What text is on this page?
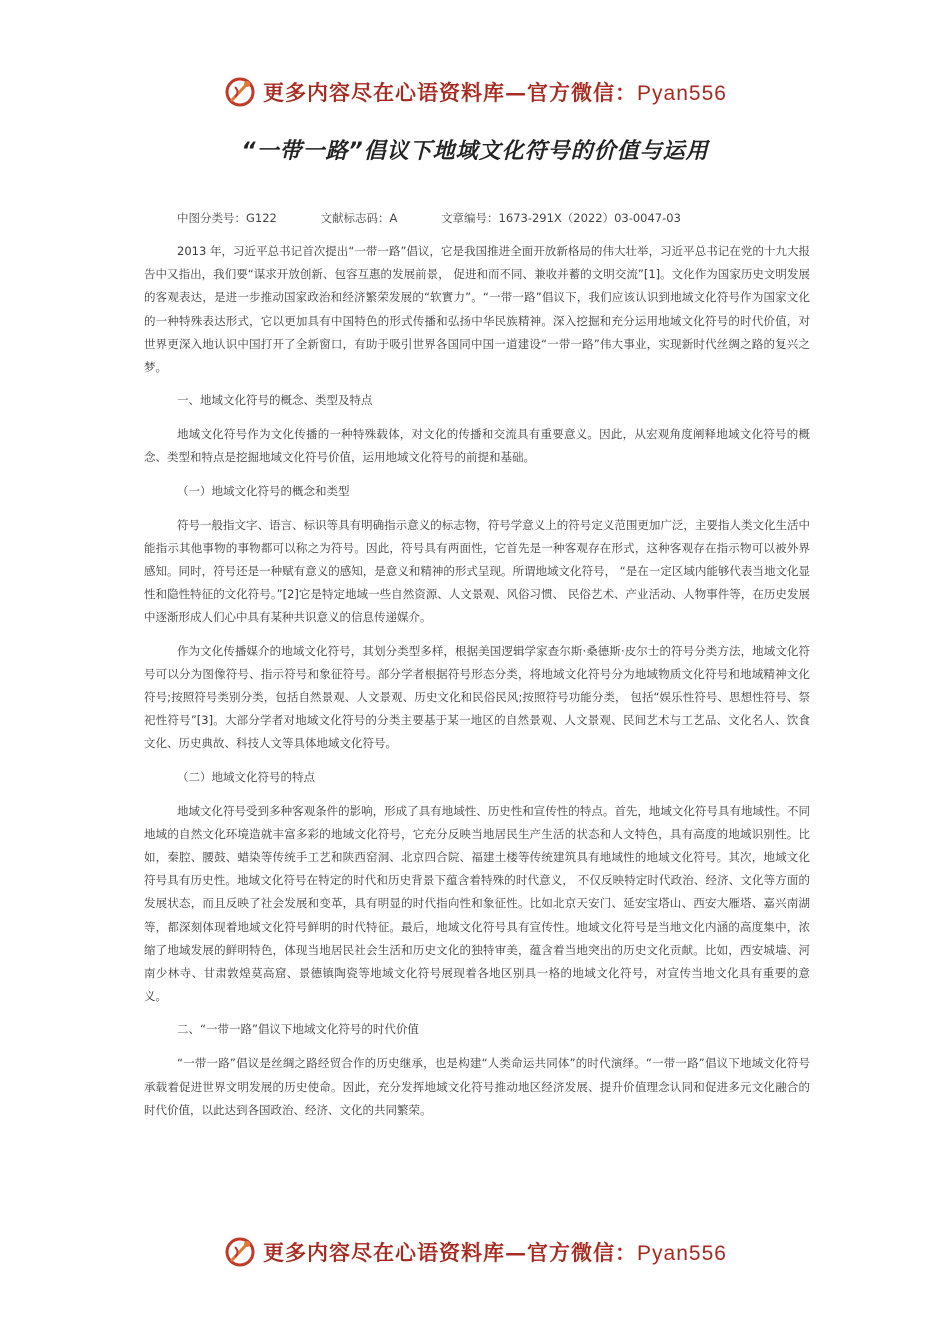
更多内容尽在心语资料库—官方微信：Pyan556
“一带一路”倡议下地域文化符号的价值与运用
中图分类号：G122	文献标志码：A	文章编号：1673-291X（2022）03-0047-03

2013 年，习近平总书记首次提出“一带一路”倡议，它是我国推进全面开放新格局的伟大壮举，习近平总书记在党的十九大报告中又指出，我们要“谋求开放创新、包容互惠的发展前景， 促进和而不同、兼收并蓄的文明交流”[1]。文化作为国家历史文明发展的客观表达，是进一步推动国家政治和经济繁荣发展的“软實力”。“一带一路”倡议下，我们应该认识到地域文化符号作为国家文化的一种特殊表达形式，它以更加具有中国特色的形式传播和弘扬中华民族精神。深入挖掘和充分运用地域文化符号的时代价值，对世界更深入地认识中国打开了全新窗口，有助于吸引世界各国同中国一道建设“一带一路”伟大事业，实现新时代丝绸之路的复兴之梦。

一、地域文化符号的概念、类型及特点

地域文化符号作为文化传播的一种特殊载体，对文化的传播和交流具有重要意义。因此，从宏观角度阐释地域文化符号的概念、类型和特点是挖掘地域文化符号价值，运用地域文化符号的前提和基础。

（一）地域文化符号的概念和类型

符号一般指文字、语言、标识等具有明确指示意义的标志物，符号学意义上的符号定义范围更加广泛，主要指人类文化生活中能指示其他事物的事物都可以称之为符号。因此，符号具有两面性，它首先是一种客观存在形式，这种客观存在指示物可以被外界感知。同时，符号还是一种赋有意义的感知，是意义和精神的形式呈现。所谓地域文化符号， “是在一定区域内能够代表当地文化显性和隐性特征的文化符号。”[2]它是特定地域一些自然资源、人文景观、风俗习惯、 民俗艺术、产业活动、人物事件等，在历史发展中逐渐形成人们心中具有某种共识意义的信息传递媒介。

作为文化传播媒介的地域文化符号，其划分类型多样，根据美国逻辑学家查尔斯·桑德斯·皮尔士的符号分类方法，地域文化符号可以分为图像符号、指示符号和象征符号。部分学者根据符号形态分类，将地域文化符号分为地域物质文化符号和地域精神文化符号;按照符号类别分类，包括自然景观、人文景观、历史文化和民俗民风;按照符号功能分类， 包括“娱乐性符号、思想性符号、祭祀性符号”[3]。大部分学者对地域文化符号的分类主要基于某一地区的自然景观、人文景观、民间艺术与工艺品、文化名人、饮食文化、历史典故、科技人文等具体地域文化符号。

（二）地域文化符号的特点

地域文化符号受到多种客观条件的影响，形成了具有地域性、历史性和宣传性的特点。首先，地域文化符号具有地域性。不同地域的自然文化环境造就丰富多彩的地域文化符号，它充分反映当地居民生产生活的状态和人文特色，具有高度的地域识别性。比如，秦腔、腰鼓、蜡染等传统手工艺和陕西窑洞、北京四合院、福建土楼等传统建筑具有地域性的地域文化符号。其次，地域文化符号具有历史性。地域文化符号在特定的时代和历史背景下蕴含着特殊的时代意义， 不仅反映特定时代政治、经济、文化等方面的发展状态，而且反映了社会发展和变革，具有明显的时代指向性和象征性。比如北京天安门、延安宝塔山、西安大雁塔、嘉兴南湖等，都深刻体现着地域文化符号鲜明的时代特征。最后，地域文化符号具有宣传性。地域文化符号是当地文化内涵的高度集中，浓缩了地域发展的鲜明特色，体现当地居民社会生活和历史文化的独特审美，蕴含着当地突出的历史文化贡献。比如，西安城墙、河南少林寺、甘肃敦煌莫高窟、景德镇陶瓷等地域文化符号展现着各地区别具一格的地域文化符号，对宣传当地文化具有重要的意义。

二、“一带一路”倡议下地域文化符号的时代价值

“一带一路”倡议是丝绸之路经贸合作的历史继承，也是构建“人类命运共同体”的时代演绎。“一带一路”倡议下地域文化符号承载着促进世界文明发展的历史使命。因此，充分发挥地域文化符号推动地区经济发展、提升价值理念认同和促进多元文化融合的时代价值，以此达到各国政治、经济、文化的共同繁荣。

更多内容尽在心语资料库—官方微信：Pyan556
